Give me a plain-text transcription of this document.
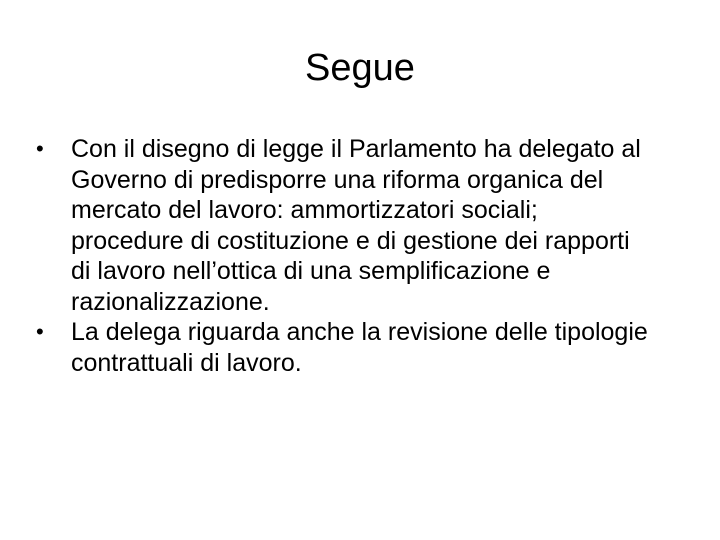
Segue
•	Con il disegno di legge il Parlamento ha delegato al Governo di predisporre una riforma organica del mercato del lavoro: ammortizzatori sociali; procedure di costituzione e di gestione dei rapporti di lavoro nell’ottica di una semplificazione e razionalizzazione.
•	La delega riguarda anche la revisione delle tipologie contrattuali di lavoro.
